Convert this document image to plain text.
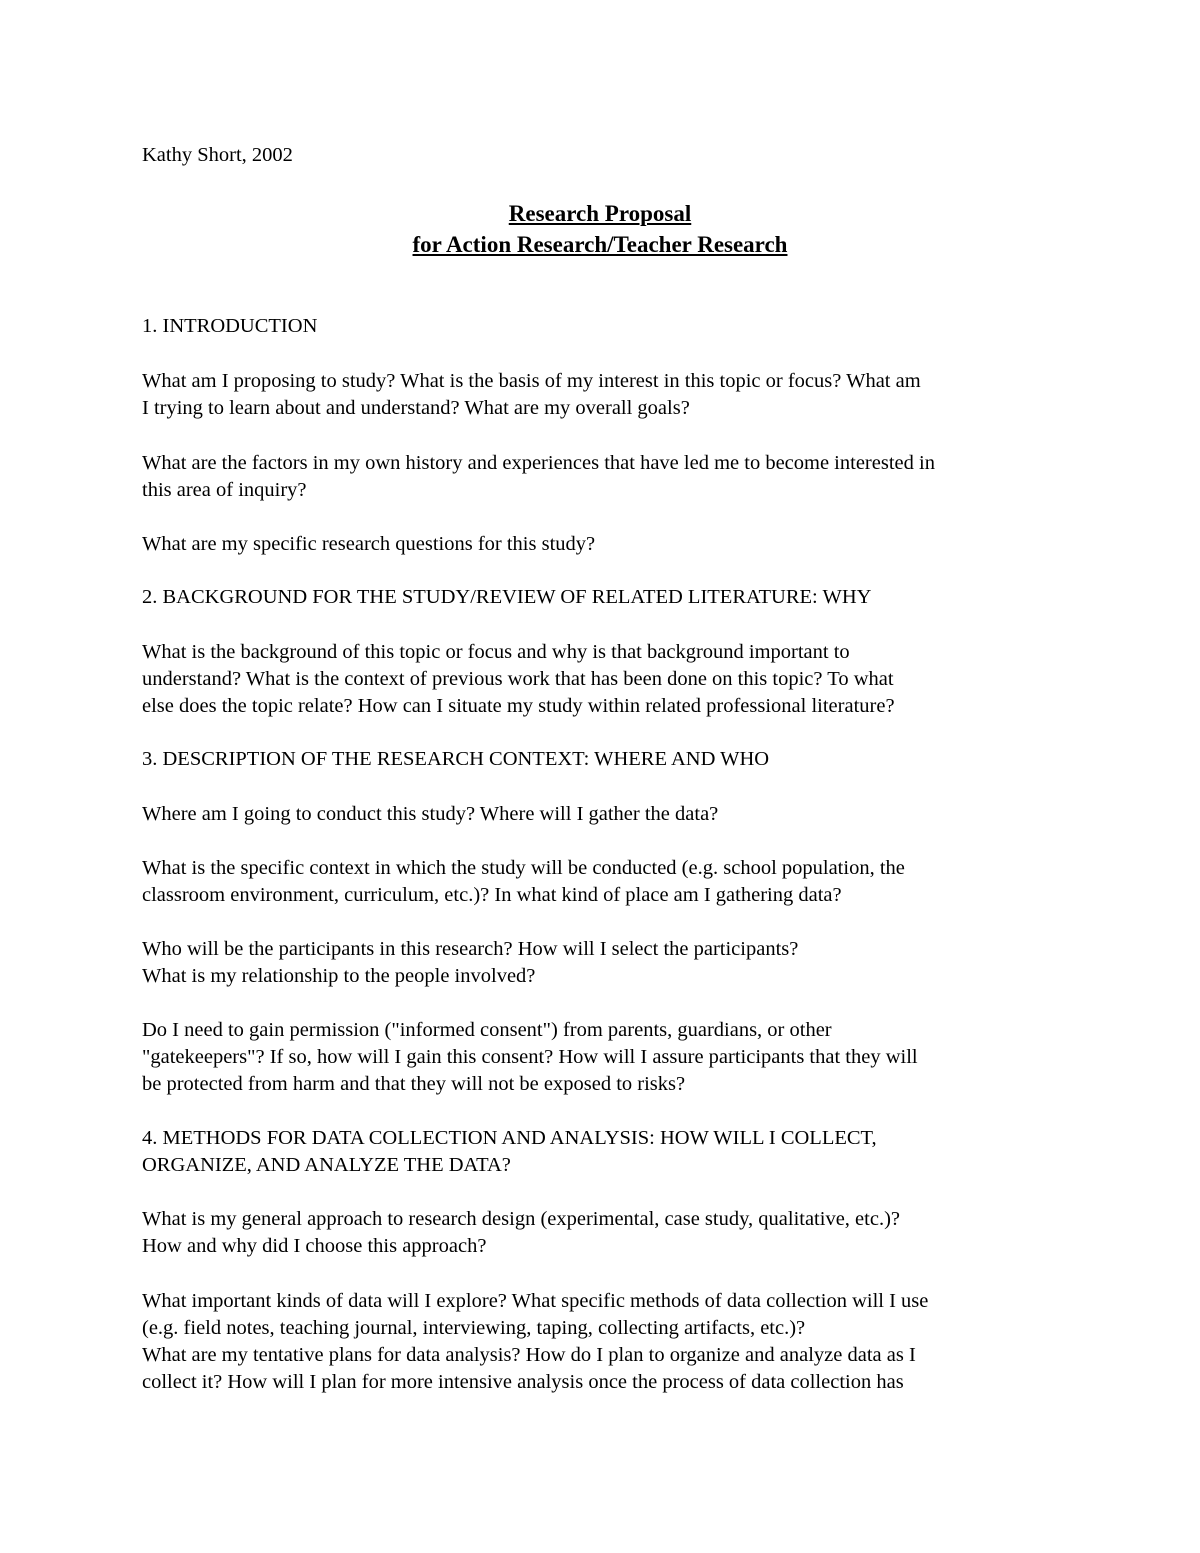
Kathy Short, 2002

Research Proposal

for Action Research/Teacher Research

1. INTRODUCTION

What am I proposing to study? What is the basis of my interest in this topic or focus? What am

I trying to learn about and understand? What are my overall goals?

What are the factors in my own history and experiences that have led me to become interested in

this area of inquiry?

What are my specific research questions for this study?

2. BACKGROUND FOR THE STUDY/REVIEW OF RELATED LITERATURE: WHY

What is the background of this topic or focus and why is that background important to

understand? What is the context of previous work that has been done on this topic? To what

else does the topic relate? How can I situate my study within related professional literature?

3. DESCRIPTION OF THE RESEARCH CONTEXT: WHERE AND WHO

Where am I going to conduct this study? Where will I gather the data?

What is the specific context in which the study will be conducted (e.g. school population, the

classroom environment, curriculum, etc.)? In what kind of place am I gathering data?

Who will be the participants in this research? How will I select the participants?

What is my relationship to the people involved?

Do I need to gain permission ("informed consent") from parents, guardians, or other

"gatekeepers"? If so, how will I gain this consent? How will I assure participants that they will

be protected from harm and that they will not be exposed to risks?

4. METHODS FOR DATA COLLECTION AND ANALYSIS: HOW WILL I COLLECT,

ORGANIZE, AND ANALYZE THE DATA?

What is my general approach to research design (experimental, case study, qualitative, etc.)?

How and why did I choose this approach?

What important kinds of data will I explore? What specific methods of data collection will I use

(e.g. field notes, teaching journal, interviewing, taping, collecting artifacts, etc.)?

What are my tentative plans for data analysis? How do I plan to organize and analyze data as I

collect it? How will I plan for more intensive analysis once the process of data collection has
